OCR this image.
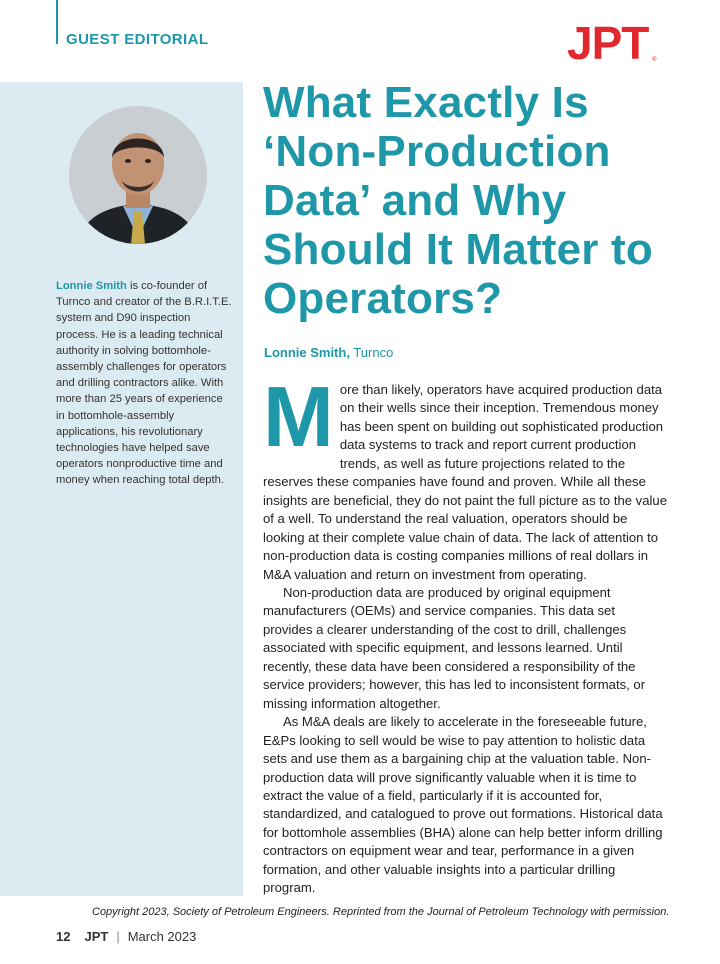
GUEST EDITORIAL	JPT ®
Lonnie Smith is co-founder of Turnco and creator of the B.R.I.T.E. system and D90 inspection process. He is a leading technical authority in solving bottomhole-assembly challenges for operators and drilling contractors alike. With more than 25 years of experience in bottomhole-assembly applications, his revolutionary technologies have helped save operators nonproductive time and money when reaching total depth.
What Exactly Is ‘Non-Production Data’ and Why Should It Matter to Operators?
Lonnie Smith, Turnco
M ore than likely, operators have acquired production data on their wells since their inception. Tremendous money has been spent on building out sophisticated production data systems to track and report current production trends, as well as future projections related to the reserves these companies have found and proven. While all these insights are beneficial, they do not paint the full picture as to the value of a well. To understand the real valuation, operators should be looking at their complete value chain of data. The lack of attention to non-production data is costing companies millions of real dollars in M&A valuation and return on investment from operating.

Non-production data are produced by original equipment manufacturers (OEMs) and service companies. This data set provides a clearer understanding of the cost to drill, challenges associated with specific equipment, and lessons learned. Until recently, these data have been considered a responsibility of the service providers; however, this has led to inconsistent formats, or missing information altogether.

As M&A deals are likely to accelerate in the foreseeable future, E&Ps looking to sell would be wise to pay attention to holistic data sets and use them as a bargaining chip at the valuation table. Non-production data will prove significantly valuable when it is time to extract the value of a field, particularly if it is accounted for, standardized, and catalogued to prove out formations. Historical data for bottomhole assemblies (BHA) alone can help better inform drilling contractors on equipment wear and tear, performance in a given formation, and other valuable insights into a particular drilling program.

Copyright 2023, Society of Petroleum Engineers. Reprinted from the Journal of Petroleum Technology with permission.
12 JPT | March 2023
